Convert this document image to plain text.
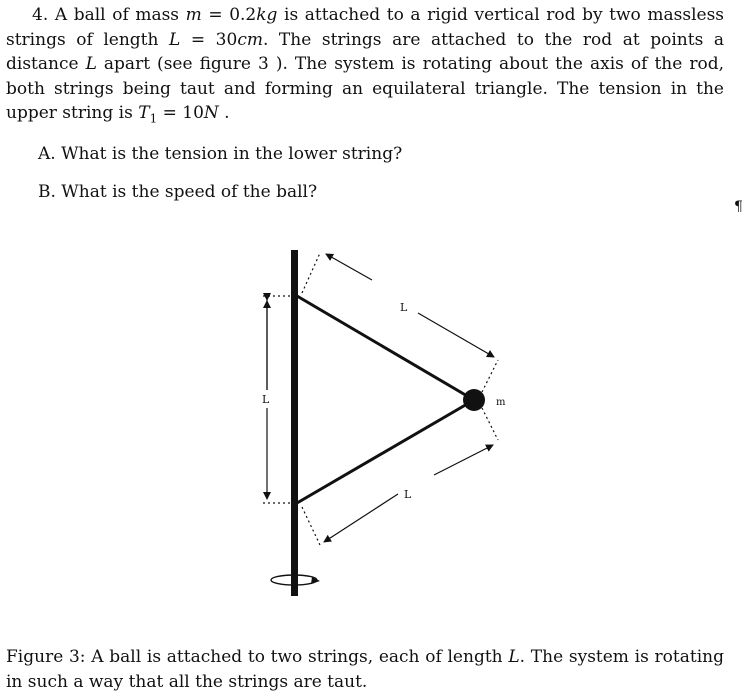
4. A ball of mass m = 0.2kg is attached to a rigid vertical rod by two massless strings of length L = 30cm. The strings are attached to the rod at points a distance L apart (see figure 3 ). The system is rotating about the axis of the rod, both strings being taut and forming an equilateral triangle. The tension in the upper string is $T_1 = 10N$ .
A. What is the tension in the lower string?
B. What is the speed of the ball?
¶
L
L
L
m
Figure 3: A ball is attached to two strings, each of length L. The system is rotating in such a way that all the strings are taut.
